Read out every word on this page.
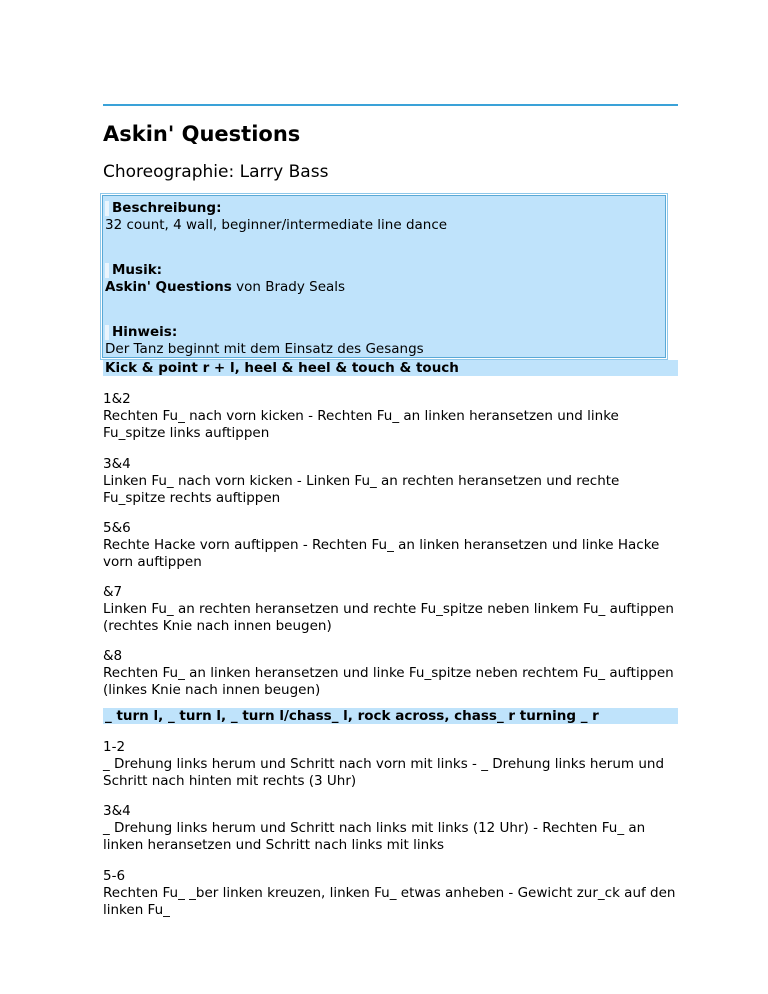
Askin' Questions
Choreographie: Larry Bass
Beschreibung:
32 count, 4 wall, beginner/intermediate line dance
Musik:
Askin' Questions von Brady Seals
Hinweis:
Der Tanz beginnt mit dem Einsatz des Gesangs
Kick & point r + l, heel & heel & touch & touch
1&2
Rechten Fu_ nach vorn kicken - Rechten Fu_ an linken heransetzen und linke Fu_spitze links auftippen
3&4
Linken Fu_ nach vorn kicken - Linken Fu_ an rechten heransetzen und rechte Fu_spitze rechts auftippen
5&6
Rechte Hacke vorn auftippen - Rechten Fu_ an linken heransetzen und linke Hacke vorn auftippen
&7
Linken Fu_ an rechten heransetzen und rechte Fu_spitze neben linkem Fu_ auftippen (rechtes Knie nach innen beugen)
&8
Rechten Fu_ an linken heransetzen und linke Fu_spitze neben rechtem Fu_ auftippen (linkes Knie nach innen beugen)
_ turn l, _ turn l, _ turn l/chass_ l, rock across, chass_ r turning _ r
1-2
_ Drehung links herum und Schritt nach vorn mit links - _ Drehung links herum und Schritt nach hinten mit rechts (3 Uhr)
3&4
_ Drehung links herum und Schritt nach links mit links (12 Uhr) - Rechten Fu_ an linken heransetzen und Schritt nach links mit links
5-6
Rechten Fu_ _ber linken kreuzen, linken Fu_ etwas anheben - Gewicht zur_ck auf den linken Fu_
